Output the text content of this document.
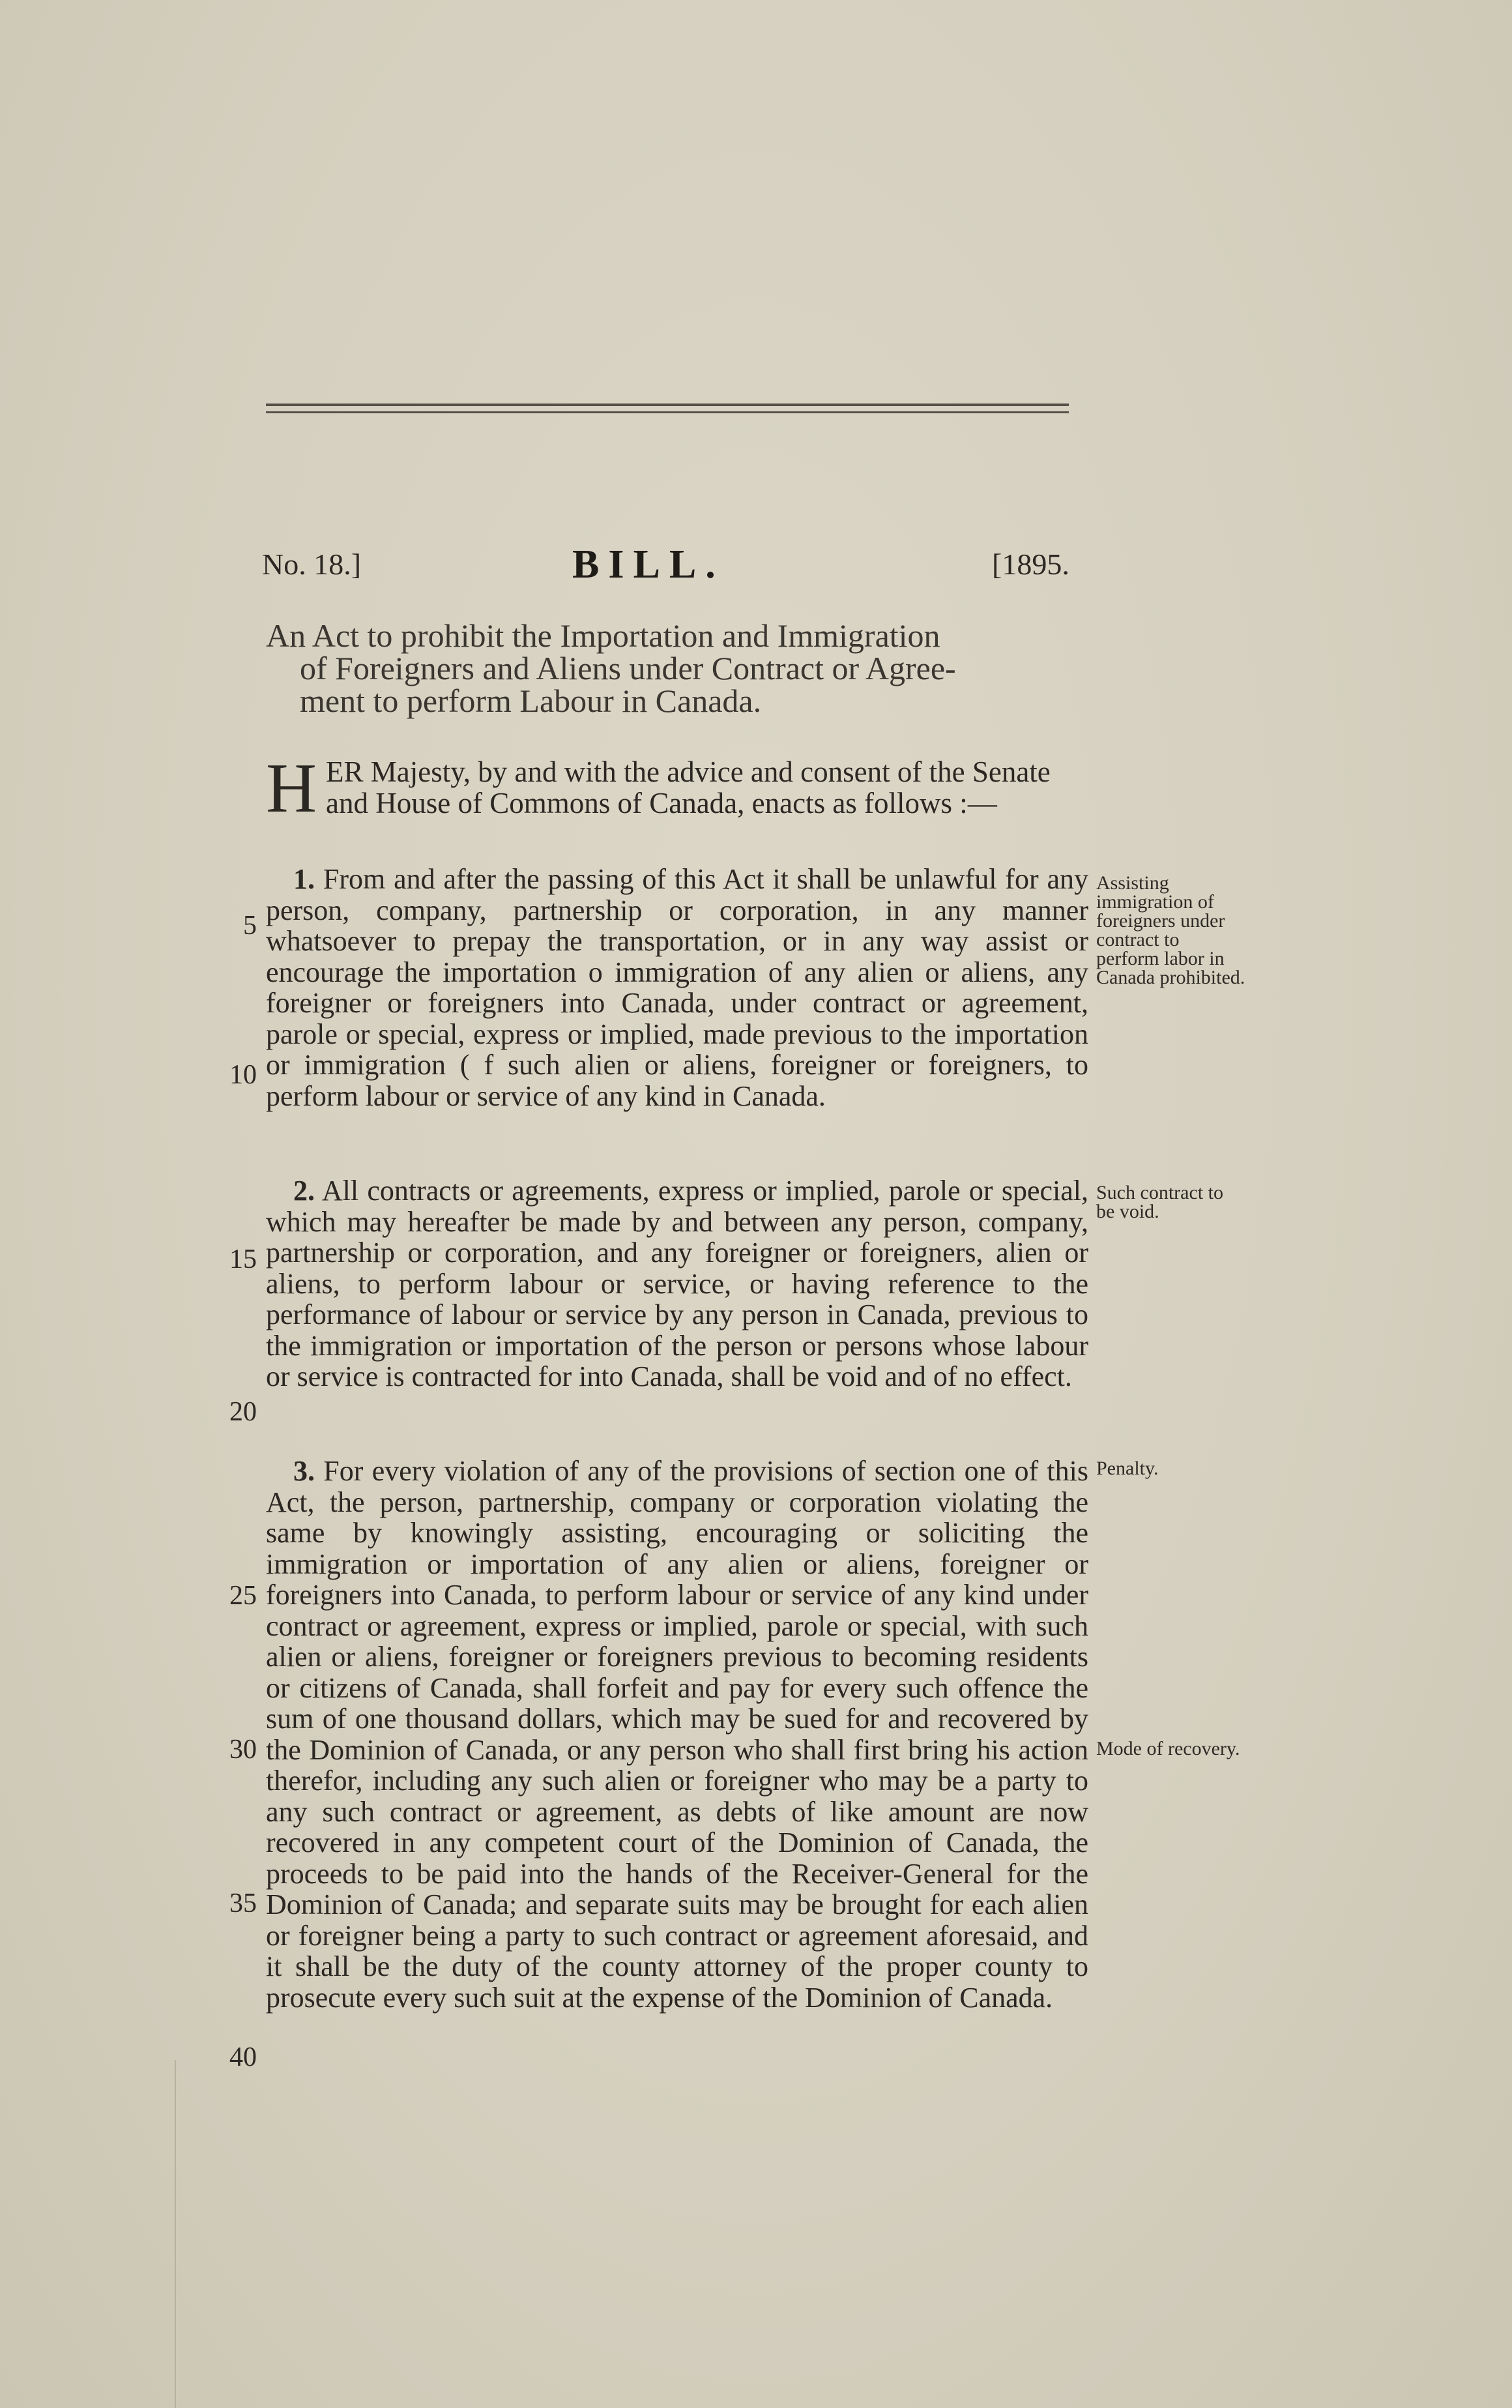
No. 18.]	BILL.	[1895.
An Act to prohibit the Importation and Immigration
of Foreigners and Aliens under Contract or Agree-
ment to perform Labour in Canada.
H ER Majesty, by and with the advice and consent of the Senate and House of Commons of Canada, enacts as follows :—

1. From and after the passing of this Act it shall be unlawful for any person, company, partnership or corporation, in any manner whatsoever to prepay the transportation, or in any way assist or encourage the importation o immigration of any alien or aliens, any foreigner or foreigners into Canada, under contract or agreement, parole or special, express or implied, made previous to the importation or immigration ( f such alien or aliens, foreigner or foreigners, to perform labour or service of any kind in Canada.

2. All contracts or agreements, express or implied, parole or special, which may hereafter be made by and between any person, company, partnership or corporation, and any foreigner or foreigners, alien or aliens, to perform labour or service, or having reference to the performance of labour or service by any person in Canada, previous to the immigration or importation of the person or persons whose labour or service is contracted for into Canada, shall be void and of no effect.

3. For every violation of any of the provisions of section one of this Act, the person, partnership, company or corporation violating the same by knowingly assisting, encouraging or soliciting the immigration or importation of any alien or aliens, foreigner or foreigners into Canada, to perform labour or service of any kind under contract or agreement, express or implied, parole or special, with such alien or aliens, foreigner or foreigners previous to becoming residents or citizens of Canada, shall forfeit and pay for every such offence the sum of one thousand dollars, which may be sued for and recovered by the Dominion of Canada, or any person who shall first bring his action therefor, including any such alien or foreigner who may be a party to any such contract or agreement, as debts of like amount are now recovered in any competent court of the Dominion of Canada, the proceeds to be paid into the hands of the Receiver-General for the Dominion of Canada; and separate suits may be brought for each alien or foreigner being a party to such contract or agreement aforesaid, and it shall be the duty of the county attorney of the proper county to prosecute every such suit at the expense of the Dominion of Canada.

5
10
15
20
25
30
35
40
Assisting immigration of foreigners under contract to perform labor in Canada prohibited.
Such contract to be void.
Penalty.
Mode of recovery.
